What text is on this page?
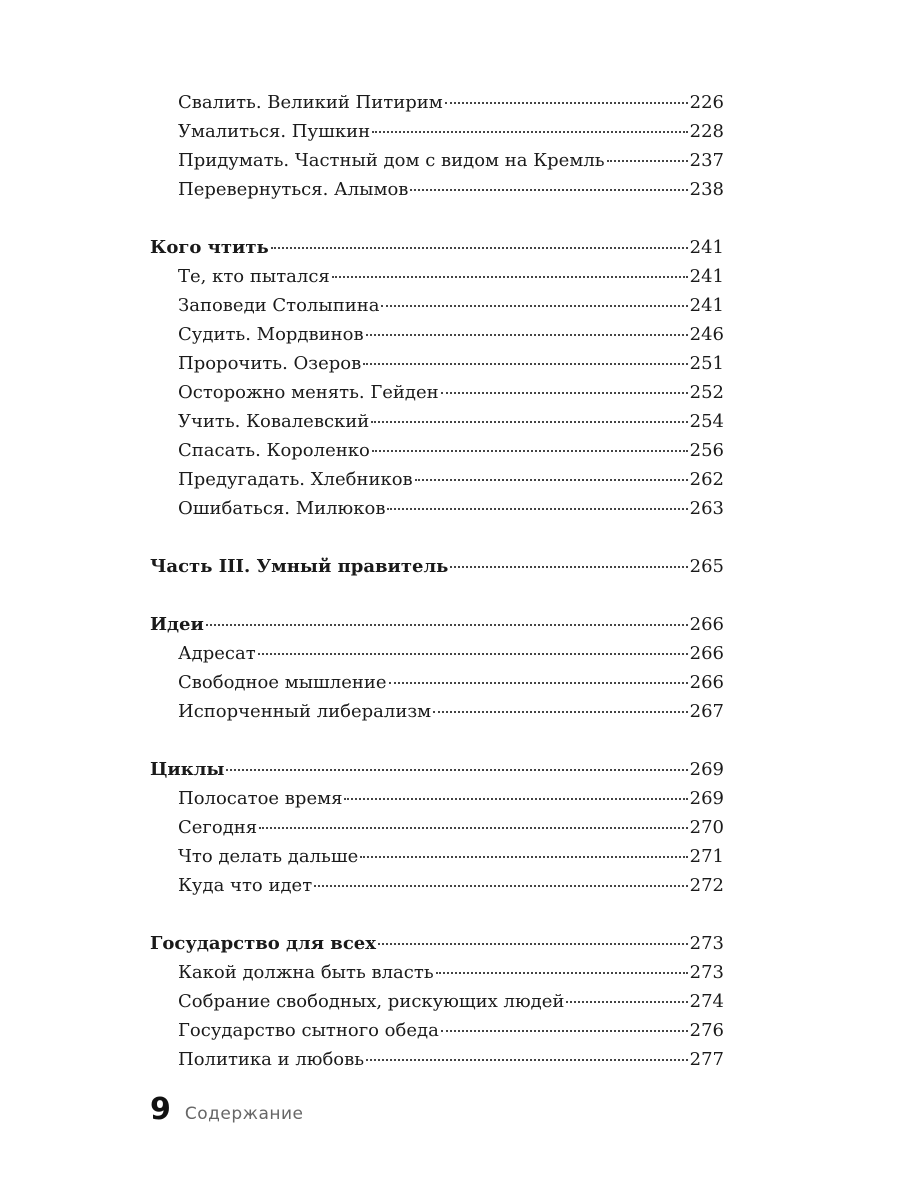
Свалить. Великий Питирим	226
Умалиться. Пушкин	228
Придумать. Частный дом с видом на Кремль	237
Перевернуться. Алымов	238
Кого чтить	241
Те, кто пытался	241
Заповеди Столыпина	241
Судить. Мордвинов	246
Пророчить. Озеров	251
Осторожно менять. Гейден	252
Учить. Ковалевский	254
Спасать. Короленко	256
Предугадать. Хлебников	262
Ошибаться. Милюков	263
Часть III. Умный правитель	265
Идеи	266
Адресат	266
Свободное мышление	266
Испорченный либерализм	267
Циклы	269
Полосатое время	269
Сегодня	270
Что делать дальше	271
Куда что идет	272
Государство для всех	273
Какой должна быть власть	273
Собрание свободных, рискующих людей	274
Государство сытного обеда	276
Политика и любовь	277
9 Содержание
